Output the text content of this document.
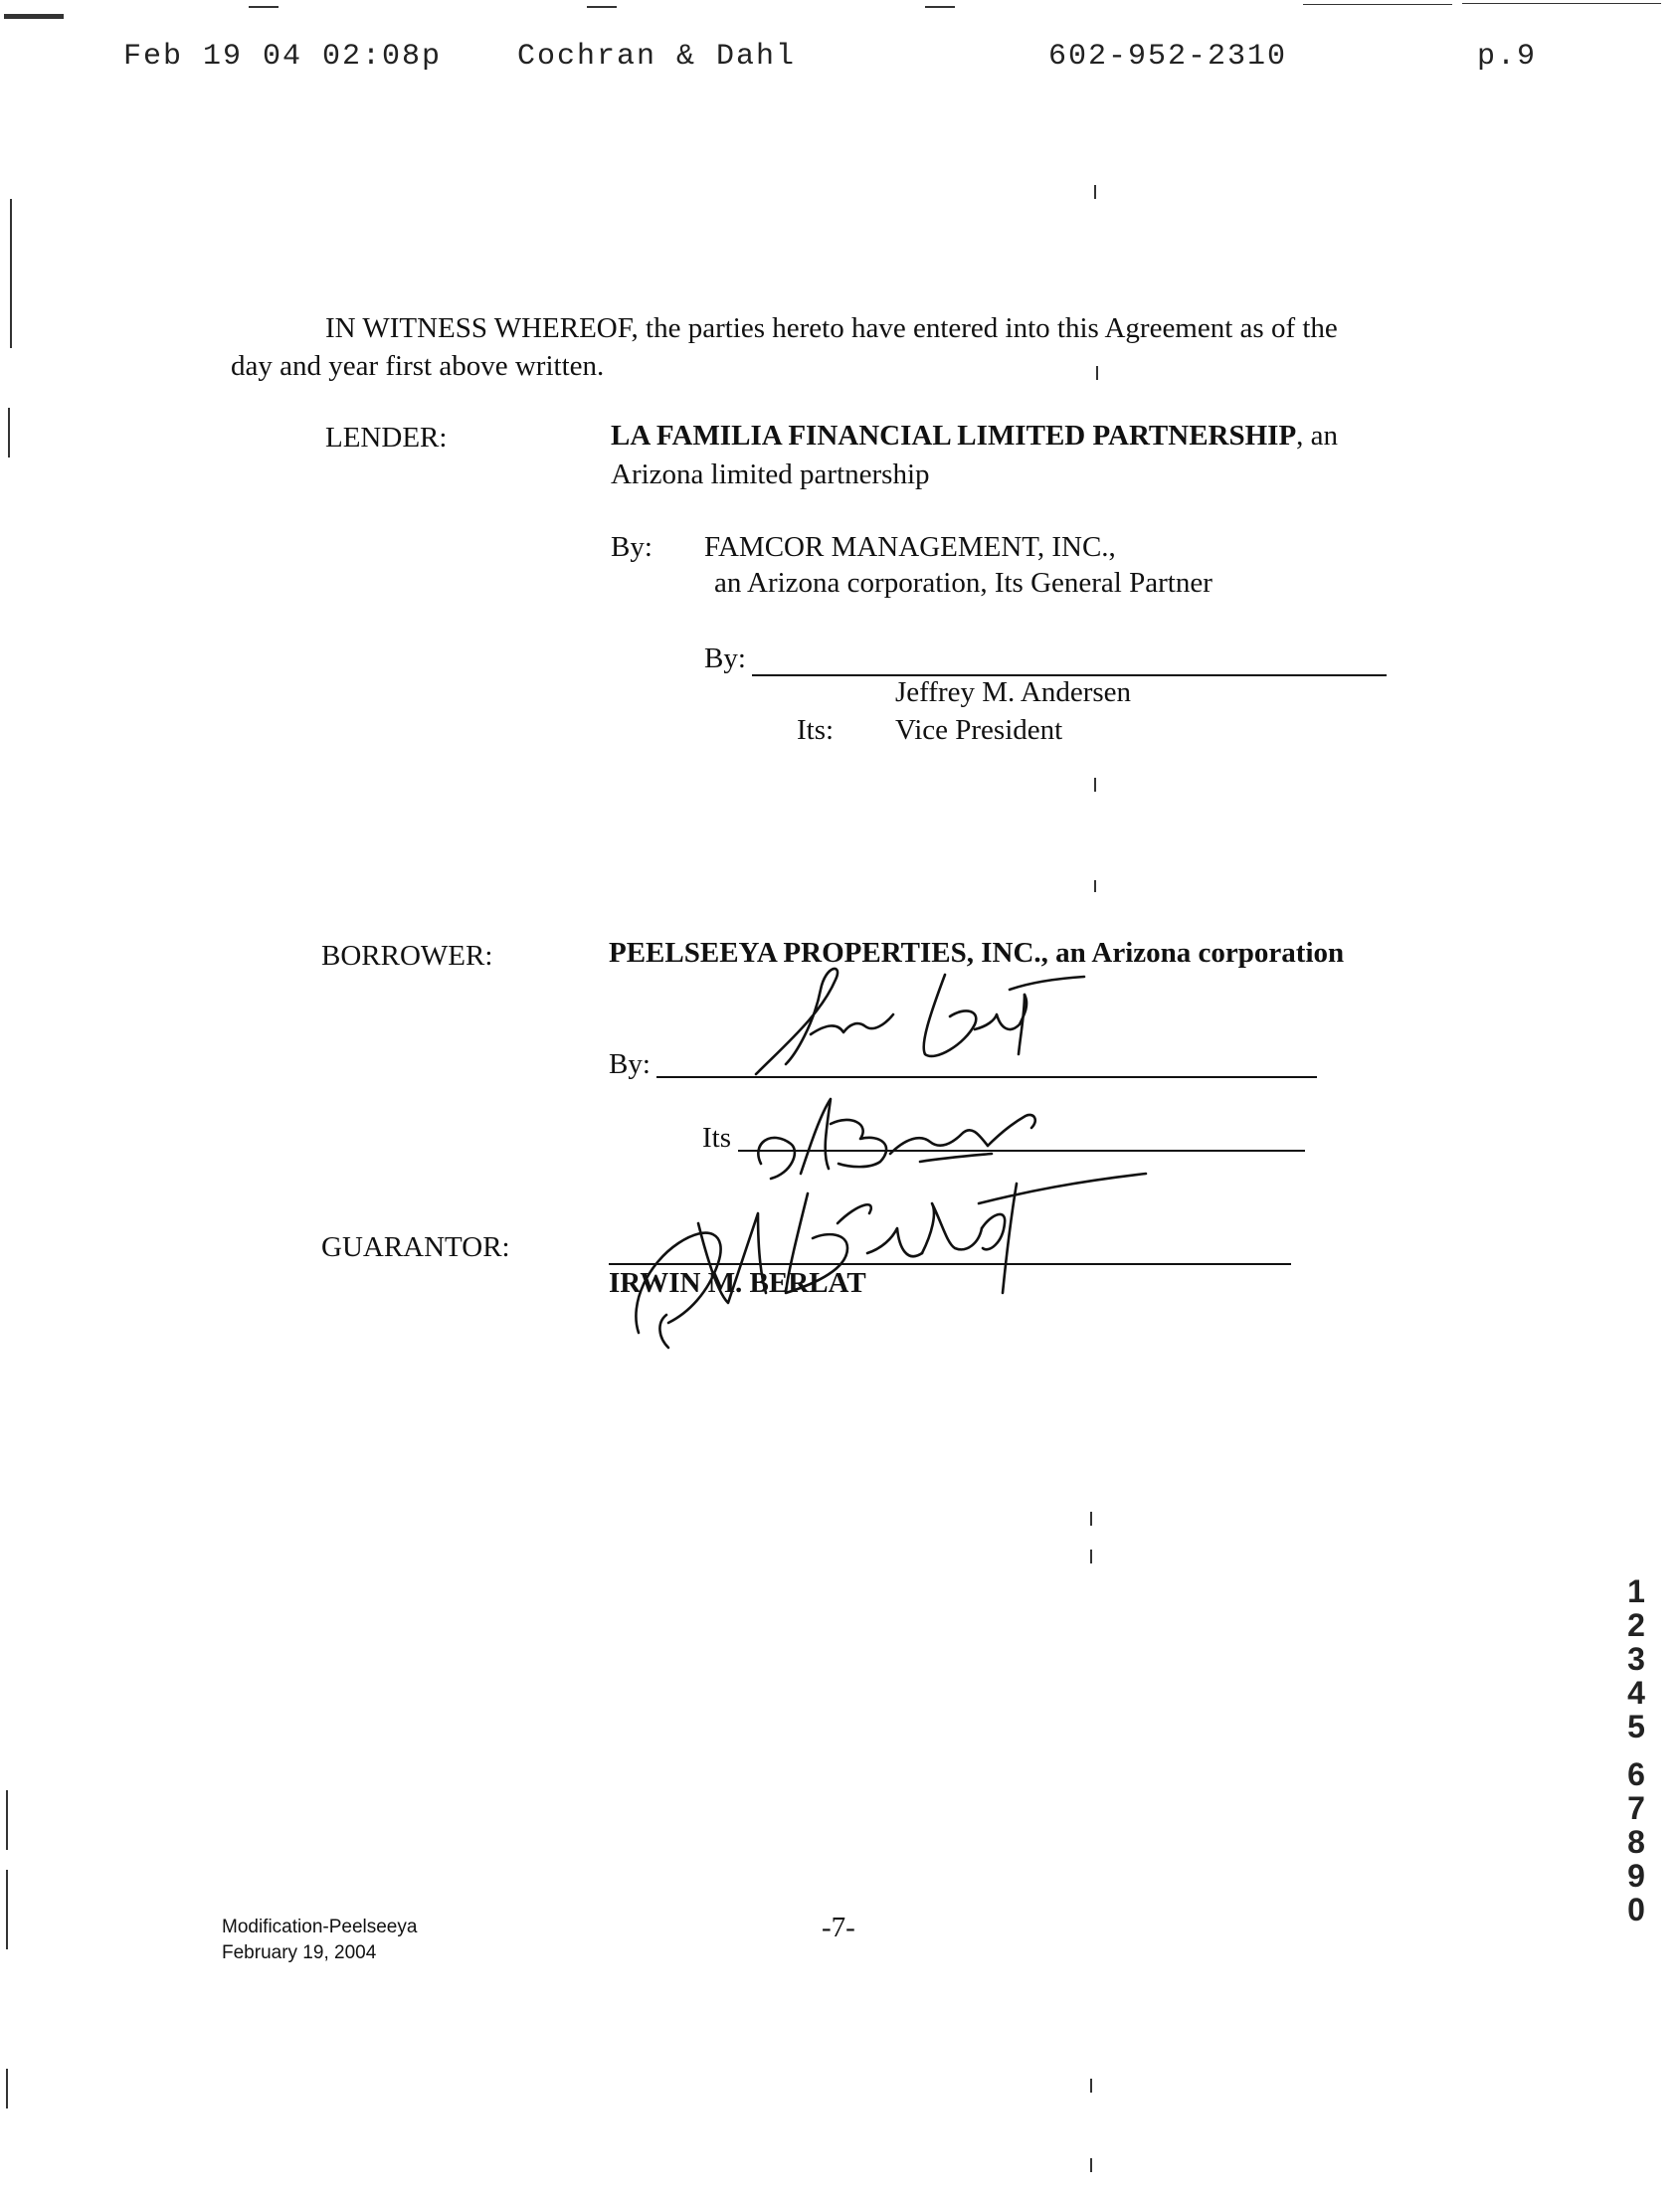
Feb 19 04 02:08p	Cochran & Dahl	602-952-2310	p.9
IN WITNESS WHEREOF, the parties hereto have entered into this Agreement as of the
day and year first above written.
LENDER:	LA FAMILIA FINANCIAL LIMITED PARTNERSHIP, an
Arizona limited partnership
By: FAMCOR MANAGEMENT, INC.,
an Arizona corporation, Its General Partner
By:
Jeffrey M. Andersen
Its: Vice President
BORROWER:	PEELSEEYA PROPERTIES, INC., an Arizona corporation
By:
Its
GUARANTOR:
IRWIN M. BERLAT
Modification-Peelseeya
February 19, 2004
-7-
1
2
3
4
5
6
7
8
9
0
